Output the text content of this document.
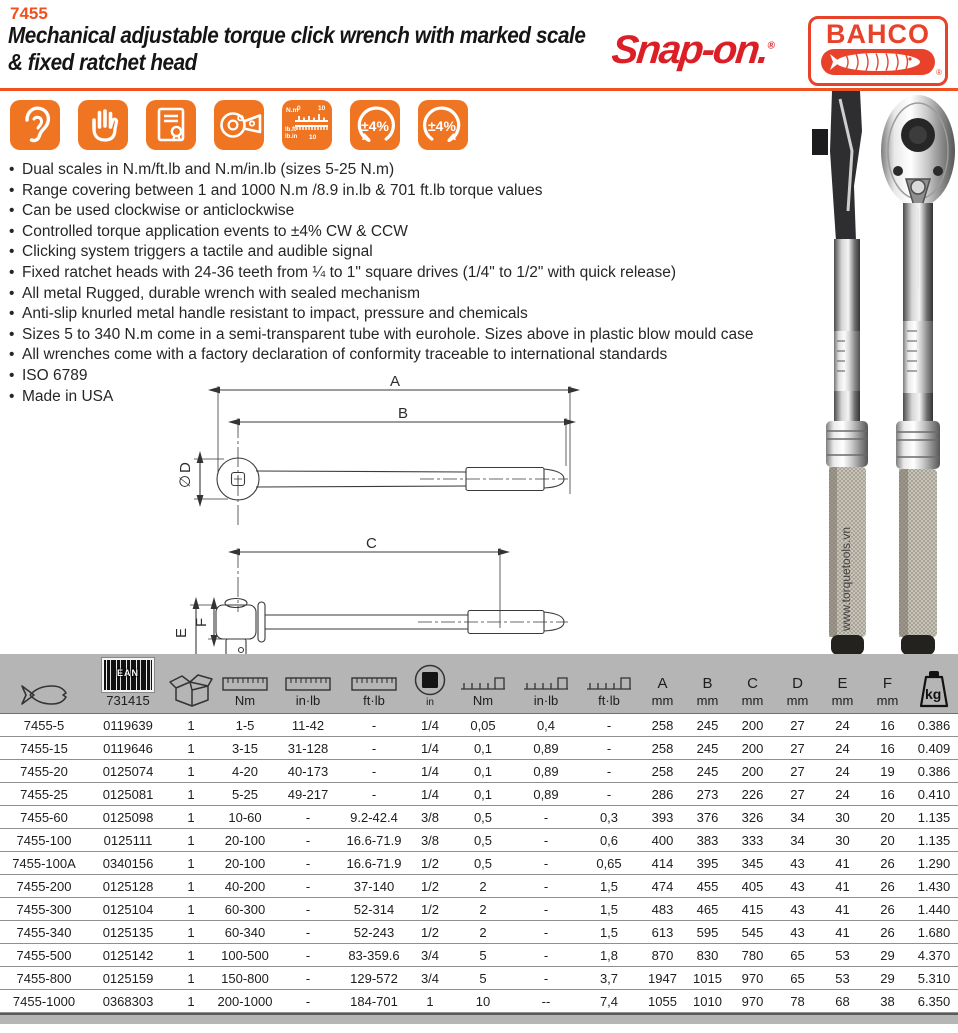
7455
Mechanical adjustable torque click wrench with marked scale & fixed ratchet head	Snap-on.®	BAHCO
®
N.m
0	10
lb.ft
lb.in 10
±4%	±4%
• Dual scales in N.m/ft.lb and N.m/in.lb (sizes 5-25 N.m)
• Range covering between 1 and 1000 N.m /8.9 in.lb & 701 ft.lb torque values
• Can be used clockwise or anticlockwise
• Controlled torque application events to ±4% CW & CCW
• Clicking system triggers a tactile and audible signal
• Fixed ratchet heads with 24-36 teeth from ¼ to 1" square drives (1/4" to 1/2" with quick release)
• All metal Rugged, durable wrench with sealed mechanism
• Anti-slip knurled metal handle resistant to impact, pressure and chemicals
• Sizes 5 to 340 N.m come in a semi-transparent tube with eurohole. Sizes above in plastic blow mould case
• All wrenches come with a factory declaration of conformity traceable to international standards
• ISO 6789
• Made in USA
A
B
C
∅
D
E
F	www.torquetools.vn

EAN
731415		Nm	in·lb	ft·lb	in	Nm	in·lb	ft·lb

A
mm

B
mm

C
mm

D
mm

E
mm

F
mm	kg

7455-5	0119639	1	1-5	11-42	-	1/4	0,05	0,4	-	258	245	200	27	24	16	0.386
7455-15	0119646	1	3-15	31-128	-	1/4	0,1	0,89	-	258	245	200	27	24	16	0.409
7455-20	0125074	1	4-20	40-173	-	1/4	0,1	0,89	-	258	245	200	27	24	19	0.386
7455-25	0125081	1	5-25	49-217	-	1/4	0,1	0,89	-	286	273	226	27	24	16	0.410
7455-60	0125098	1	10-60	-	9.2-42.4	3/8	0,5	-	0,3	393	376	326	34	30	20	1.135
7455-100	0125111	1	20-100	-	16.6-71.9	3/8	0,5	-	0,6	400	383	333	34	30	20	1.135
7455-100A	0340156	1	20-100	-	16.6-71.9	1/2	0,5	-	0,65	414	395	345	43	41	26	1.290
7455-200	0125128	1	40-200	-	37-140	1/2	2	-	1,5	474	455	405	43	41	26	1.430
7455-300	0125104	1	60-300	-	52-314	1/2	2	-	1,5	483	465	415	43	41	26	1.440
7455-340	0125135	1	60-340	-	52-243	1/2	2	-	1,5	613	595	545	43	41	26	1.680
7455-500	0125142	1	100-500	-	83-359.6	3/4	5	-	1,8	870	830	780	65	53	29	4.370
7455-800	0125159	1	150-800	-	129-572	3/4	5	-	3,7	1947	1015	970	65	53	29	5.310
7455-1000	0368303	1	200-1000	-	184-701	1	10	--	7,4	1055	1010	970	78	68	38	6.350
